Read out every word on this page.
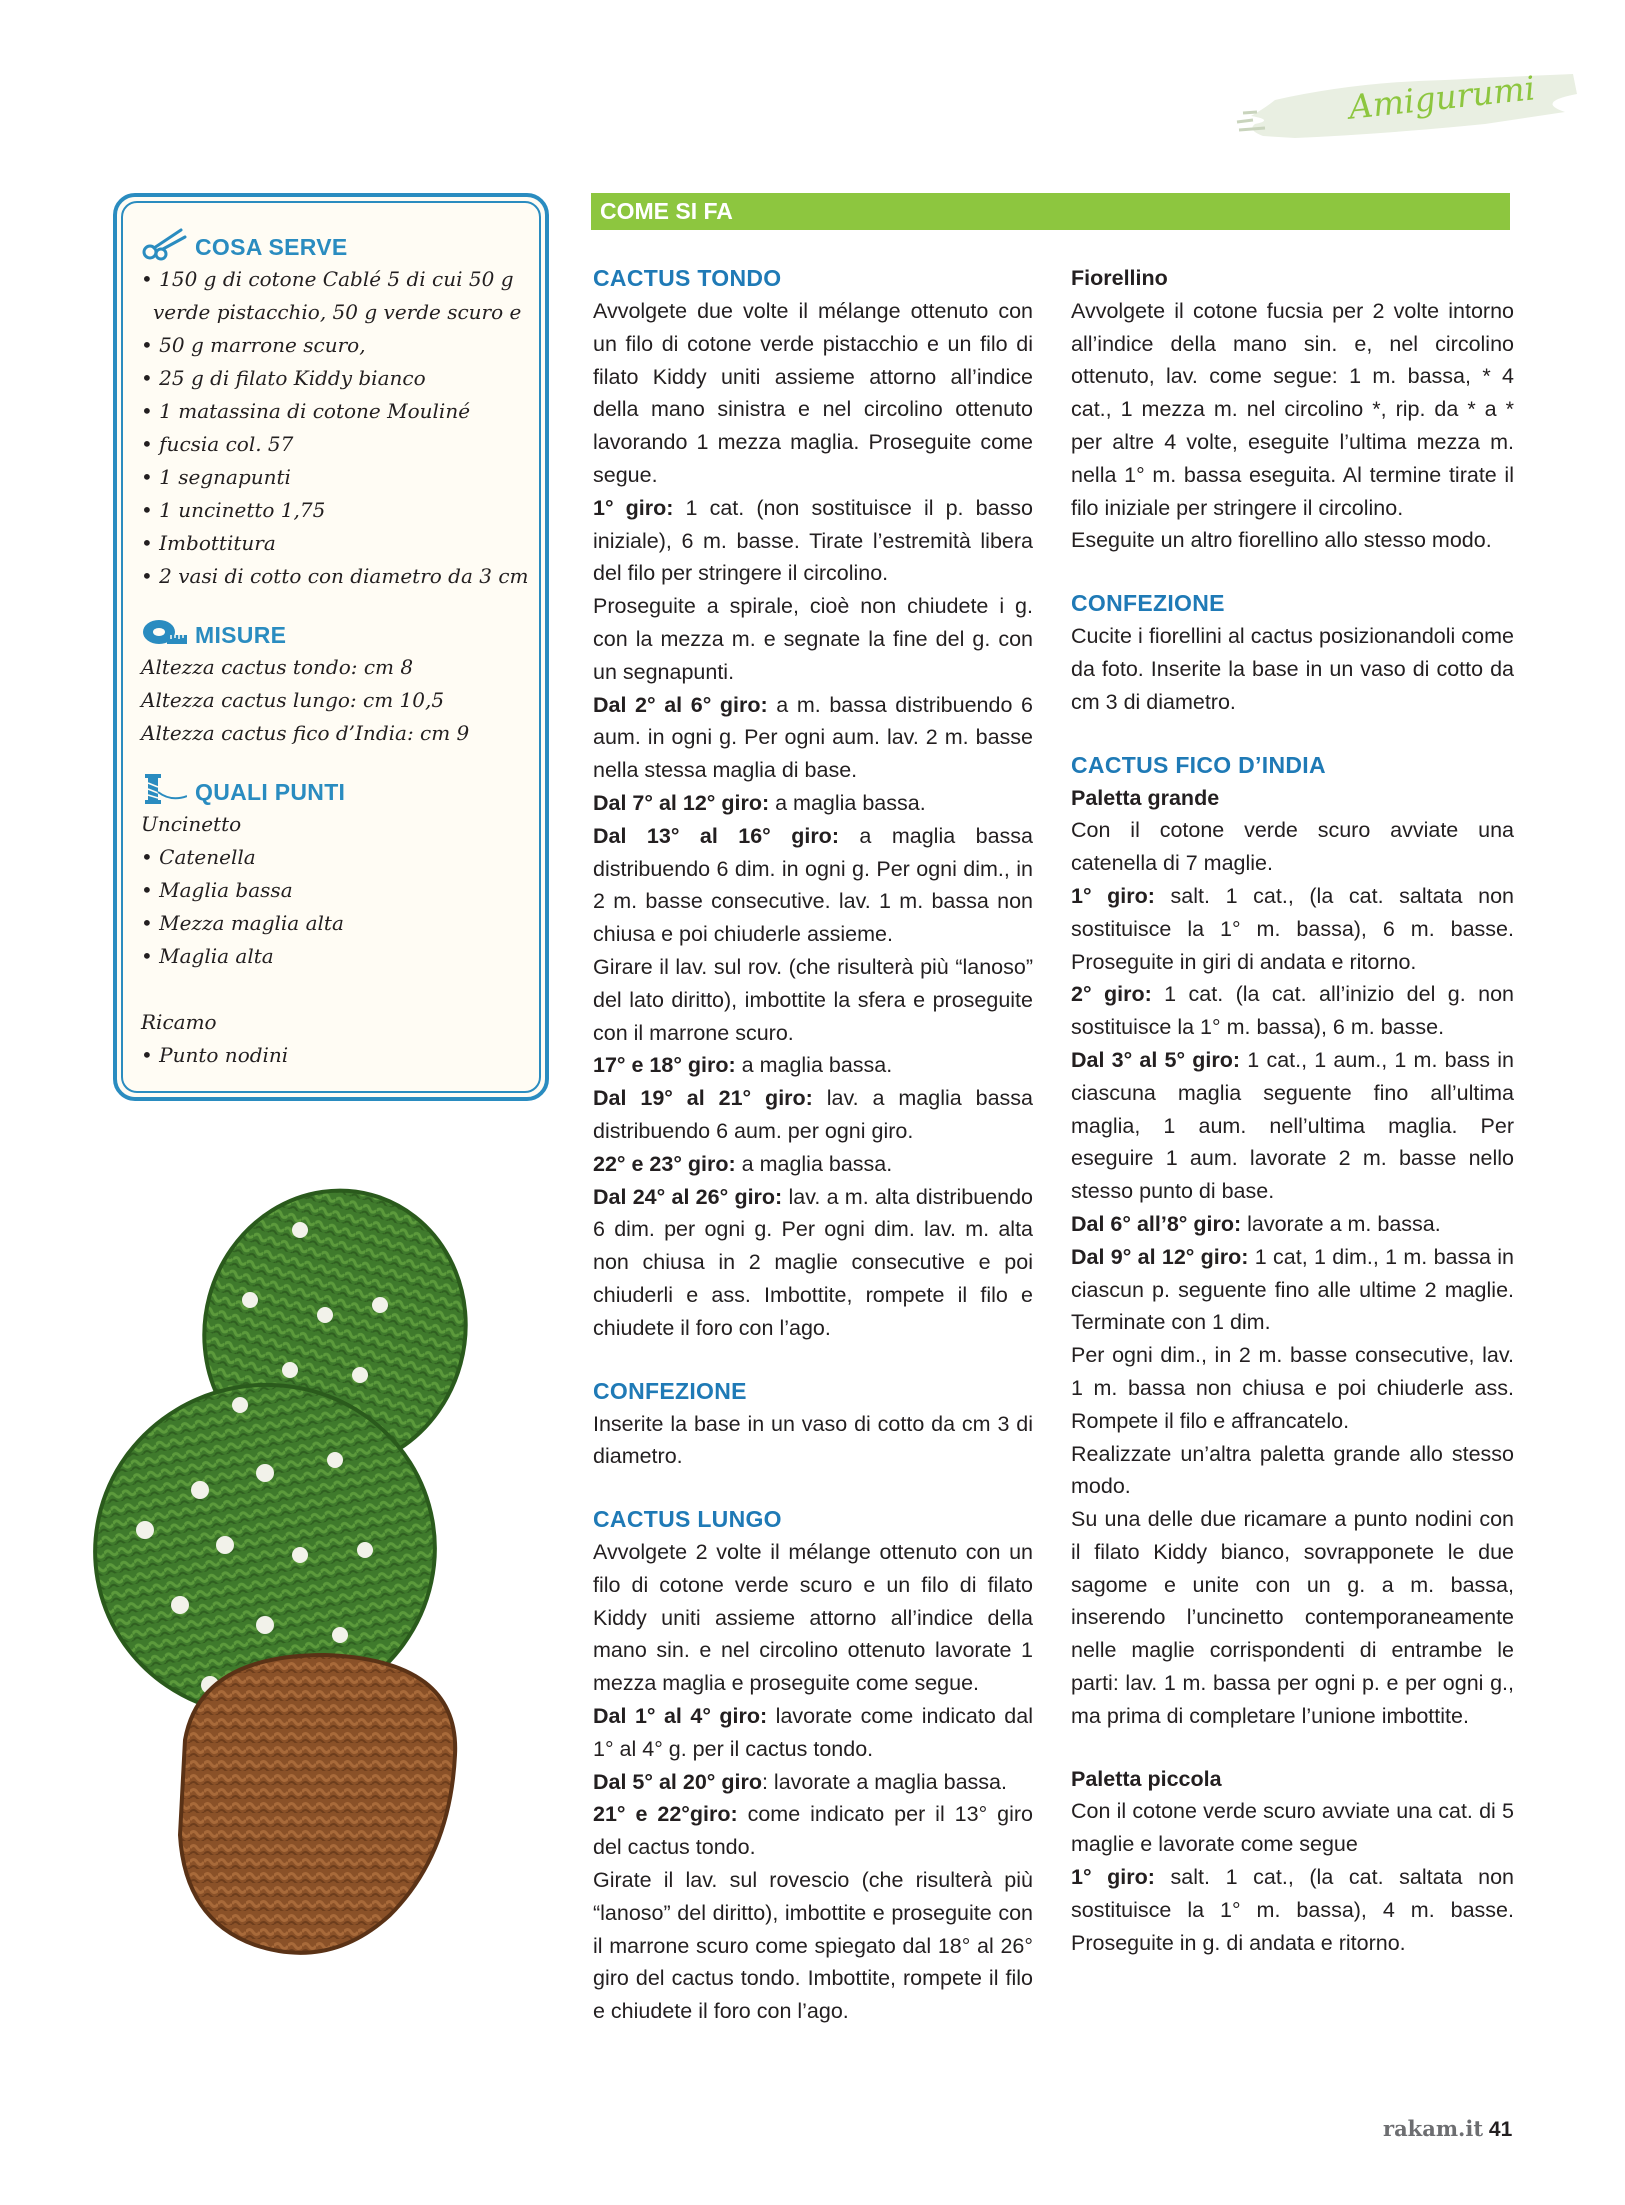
Amigurumi
COSA SERVE
• 150 g di cotone Cablé 5 di cui 50 g
verde pistacchio, 50 g verde scuro e
• 50 g marrone scuro,
• 25 g di filato Kiddy bianco
• 1 matassina di cotone Mouliné
• fucsia col. 57
• 1 segnapunti
• 1 uncinetto 1,75
• Imbottitura
• 2 vasi di cotto con diametro da 3 cm
MISURE
Altezza cactus tondo: cm 8
Altezza cactus lungo: cm 10,5
Altezza cactus fico d’India: cm 9
QUALI PUNTI
Uncinetto
• Catenella
• Maglia bassa
• Mezza maglia alta
• Maglia alta
Ricamo
• Punto nodini
COME SI FA
CACTUS TONDO

Avvolgete due volte il mélange ottenuto con un filo di cotone verde pistacchio e un filo di filato Kiddy uniti assieme attorno all’indice della mano sinistra e nel circolino ottenuto lavorando 1 mezza maglia. Proseguite come segue.

1° giro: 1 cat. (non sostituisce il p. basso iniziale), 6 m. basse. Tirate l’estremità libera del filo per stringere il circolino.

Proseguite a spirale, cioè non chiudete i g. con la mezza m. e segnate la fine del g. con un segnapunti.

Dal 2° al 6° giro: a m. bassa distribuendo 6 aum. in ogni g. Per ogni aum. lav. 2 m. basse nella stessa maglia di base.

Dal 7° al 12° giro: a maglia bassa.

Dal 13° al 16° giro: a maglia bassa distribuendo 6 dim. in ogni g. Per ogni dim., in 2 m. basse consecutive. lav. 1 m. bassa non chiusa e poi chiuderle assieme.

Girare il lav. sul rov. (che risulterà più “lanoso” del lato diritto), imbottite la sfera e proseguite con il marrone scuro.

17° e 18° giro: a maglia bassa.

Dal 19° al 21° giro: lav. a maglia bassa distribuendo 6 aum. per ogni giro.

22° e 23° giro: a maglia bassa.

Dal 24° al 26° giro: lav. a m. alta distribuendo 6 dim. per ogni g. Per ogni dim. lav. m. alta non chiusa in 2 maglie consecutive e poi chiuderli e ass. Imbottite, rompete il filo e chiudete il foro con l’ago.

CONFEZIONE

Inserite la base in un vaso di cotto da cm 3 di diametro.

CACTUS LUNGO

Avvolgete 2 volte il mélange ottenuto con un filo di cotone verde scuro e un filo di filato Kiddy uniti assieme attorno all’indice della mano sin. e nel circolino ottenuto lavorate 1 mezza maglia e proseguite come segue.

Dal 1° al 4° giro: lavorate come indicato dal 1° al 4° g. per il cactus tondo.

Dal 5° al 20° giro: lavorate a maglia bassa.

21° e 22°giro: come indicato per il 13° giro del cactus tondo.

Girate il lav. sul rovescio (che risulterà più “lanoso” del diritto), imbottite e proseguite con il marrone scuro come spiegato dal 18° al 26° giro del cactus tondo. Imbottite, rompete il filo e chiudete il foro con l’ago.

Fiorellino

Avvolgete il cotone fucsia per 2 volte intorno all’indice della mano sin. e, nel circolino ottenuto, lav. come segue: 1 m. bassa, * 4 cat., 1 mezza m. nel circolino *, rip. da * a * per altre 4 volte, eseguite l’ultima mezza m. nella 1° m. bassa eseguita. Al termine tirate il filo iniziale per stringere il circolino.

Eseguite un altro fiorellino allo stesso modo.

CONFEZIONE

Cucite i fiorellini al cactus posizionandoli come da foto. Inserite la base in un vaso di cotto da cm 3 di diametro.

CACTUS FICO D’INDIA
Paletta grande

Con il cotone verde scuro avviate una catenella di 7 maglie.

1° giro: salt. 1 cat., (la cat. saltata non sostituisce la 1° m. bassa), 6 m. basse. Proseguite in giri di andata e ritorno.

2° giro: 1 cat. (la cat. all’inizio del g. non sostituisce la 1° m. bassa), 6 m. basse.

Dal 3° al 5° giro: 1 cat., 1 aum., 1 m. bass in ciascuna maglia seguente fino all’ultima maglia, 1 aum. nell’ultima maglia. Per eseguire 1 aum. lavorate 2 m. basse nello stesso punto di base.

Dal 6° all’8° giro: lavorate a m. bassa.

Dal 9° al 12° giro: 1 cat, 1 dim., 1 m. bassa in ciascun p. seguente fino alle ultime 2 maglie. Terminate con 1 dim.

Per ogni dim., in 2 m. basse consecutive, lav. 1 m. bassa non chiusa e poi chiuderle ass. Rompete il filo e affrancatelo.

Realizzate un’altra paletta grande allo stesso modo.

Su una delle due ricamare a punto nodini con il filato Kiddy bianco, sovrapponete le due sagome e unite con un g. a m. bassa, inserendo l’uncinetto contemporaneamente nelle maglie corrispondenti di entrambe le parti: lav. 1 m. bassa per ogni p. e per ogni g., ma prima di completare l’unione imbottite.

Paletta piccola

Con il cotone verde scuro avviate una cat. di 5 maglie e lavorate come segue

1° giro: salt. 1 cat., (la cat. saltata non sostituisce la 1° m. bassa), 4 m. basse. Proseguite in g. di andata e ritorno.

rakam.it 41
